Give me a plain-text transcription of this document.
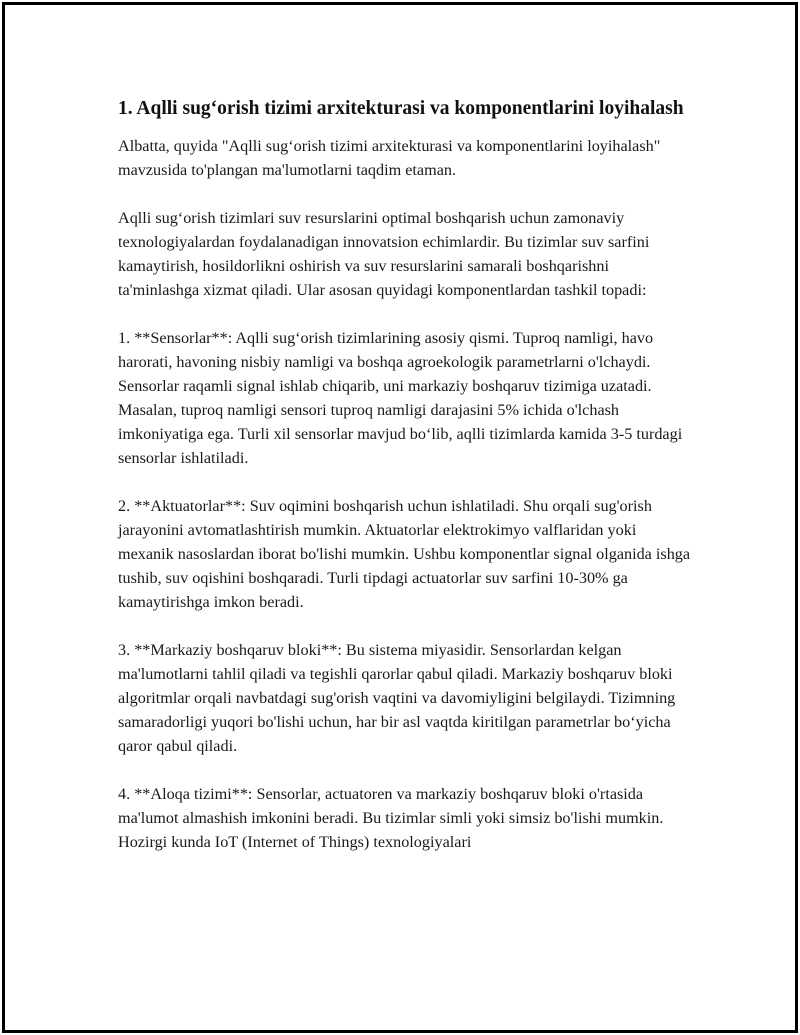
1. Aqlli sug‘orish tizimi arxitekturasi va komponentlarini loyihalash

Albatta, quyida "Aqlli sug‘orish tizimi arxitekturasi va komponentlarini loyihalash" mavzusida to'plangan ma'lumotlarni taqdim etaman.

Aqlli sug‘orish tizimlari suv resurslarini optimal boshqarish uchun zamonaviy texnologiyalardan foydalanadigan innovatsion echimlardir. Bu tizimlar suv sarfini kamaytirish, hosildorlikni oshirish va suv resurslarini samarali boshqarishni ta'minlashga xizmat qiladi. Ular asosan quyidagi komponentlardan tashkil topadi:

1. **Sensorlar**: Aqlli sug‘orish tizimlarining asosiy qismi. Tuproq namligi, havo harorati, havoning nisbiy namligi va boshqa agroekologik parametrlarni o'lchaydi. Sensorlar raqamli signal ishlab chiqarib, uni markaziy boshqaruv tizimiga uzatadi. Masalan, tuproq namligi sensori tuproq namligi darajasini 5% ichida o'lchash imkoniyatiga ega. Turli xil sensorlar mavjud bo‘lib, aqlli tizimlarda kamida 3-5 turdagi sensorlar ishlatiladi.

2. **Aktuatorlar**: Suv oqimini boshqarish uchun ishlatiladi. Shu orqali sug'orish jarayonini avtomatlashtirish mumkin. Aktuatorlar elektrokimyo valflaridan yoki mexanik nasoslardan iborat bo'lishi mumkin. Ushbu komponentlar signal olganida ishga tushib, suv oqishini boshqaradi. Turli tipdagi actuatorlar suv sarfini 10-30% ga kamaytirishga imkon beradi.

3. **Markaziy boshqaruv bloki**: Bu sistema miyasidir. Sensorlardan kelgan ma'lumotlarni tahlil qiladi va tegishli qarorlar qabul qiladi. Markaziy boshqaruv bloki algoritmlar orqali navbatdagi sug'orish vaqtini va davomiyligini belgilaydi. Tizimning samaradorligi yuqori bo'lishi uchun, har bir asl vaqtda kiritilgan parametrlar bo‘yicha qaror qabul qiladi.

4. **Aloqa tizimi**: Sensorlar, actuatoren va markaziy boshqaruv bloki o'rtasida ma'lumot almashish imkonini beradi. Bu tizimlar simli yoki simsiz bo'lishi mumkin. Hozirgi kunda IoT (Internet of Things) texnologiyalari
